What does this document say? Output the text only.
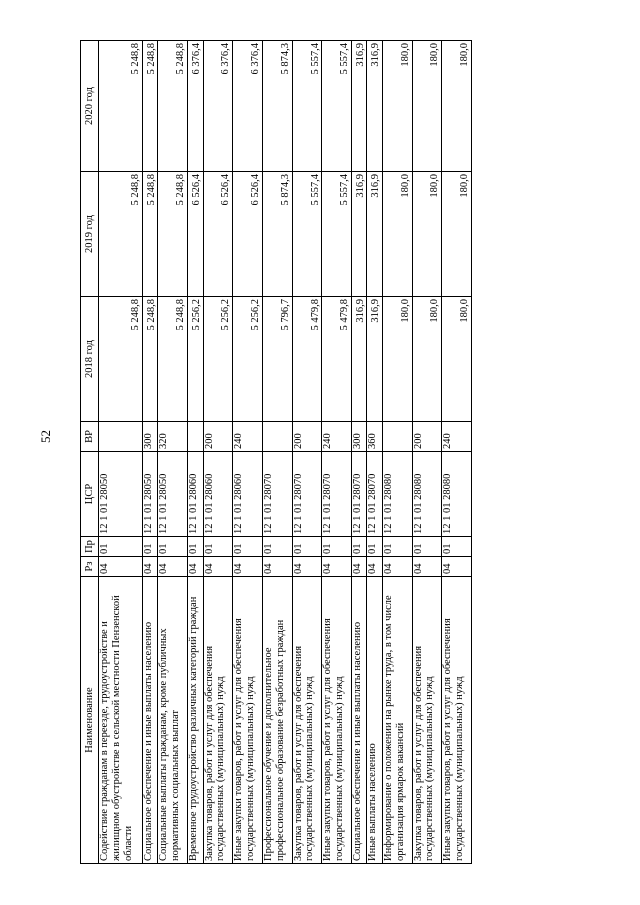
52
Наименование	Рз	Пр	ЦСР	ВР	2018 год	2019 год	2020 год
Содействие гражданам в переезде, трудоустройстве и жилищном обустройстве в сельской местности Пензенской области	04	01	12 1 01 28050		5 248,8	5 248,8	5 248,8
Социальное обеспечение и иные выплаты населению	04	01	12 1 01 28050	300	5 248,8	5 248,8	5 248,8
Социальные выплаты гражданам, кроме публичных нормативных социальных выплат	04	01	12 1 01 28050	320	5 248,8	5 248,8	5 248,8
Временное трудоустройство различных категорий граждан	04	01	12 1 01 28060		5 256,2	6 526,4	6 376,4
Закупка товаров, работ и услуг для обеспечения государственных (муниципальных) нужд	04	01	12 1 01 28060	200	5 256,2	6 526,4	6 376,4
Иные закупки товаров, работ и услуг для обеспечения государственных (муниципальных) нужд	04	01	12 1 01 28060	240	5 256,2	6 526,4	6 376,4
Профессиональное обучение и дополнительное профессиональное образование безработных граждан	04	01	12 1 01 28070		5 796,7	5 874,3	5 874,3
Закупка товаров, работ и услуг для обеспечения государственных (муниципальных) нужд	04	01	12 1 01 28070	200	5 479,8	5 557,4	5 557,4
Иные закупки товаров, работ и услуг для обеспечения государственных (муниципальных) нужд	04	01	12 1 01 28070	240	5 479,8	5 557,4	5 557,4
Социальное обеспечение и иные выплаты населению	04	01	12 1 01 28070	300	316,9	316,9	316,9
Иные выплаты населению	04	01	12 1 01 28070	360	316,9	316,9	316,9
Информирование о положении на рынке труда, в том числе организация ярмарок вакансий	04	01	12 1 01 28080		180,0	180,0	180,0
Закупка товаров, работ и услуг для обеспечения государственных (муниципальных) нужд	04	01	12 1 01 28080	200	180,0	180,0	180,0
Иные закупки товаров, работ и услуг для обеспечения государственных (муниципальных) нужд	04	01	12 1 01 28080	240	180,0	180,0	180,0
